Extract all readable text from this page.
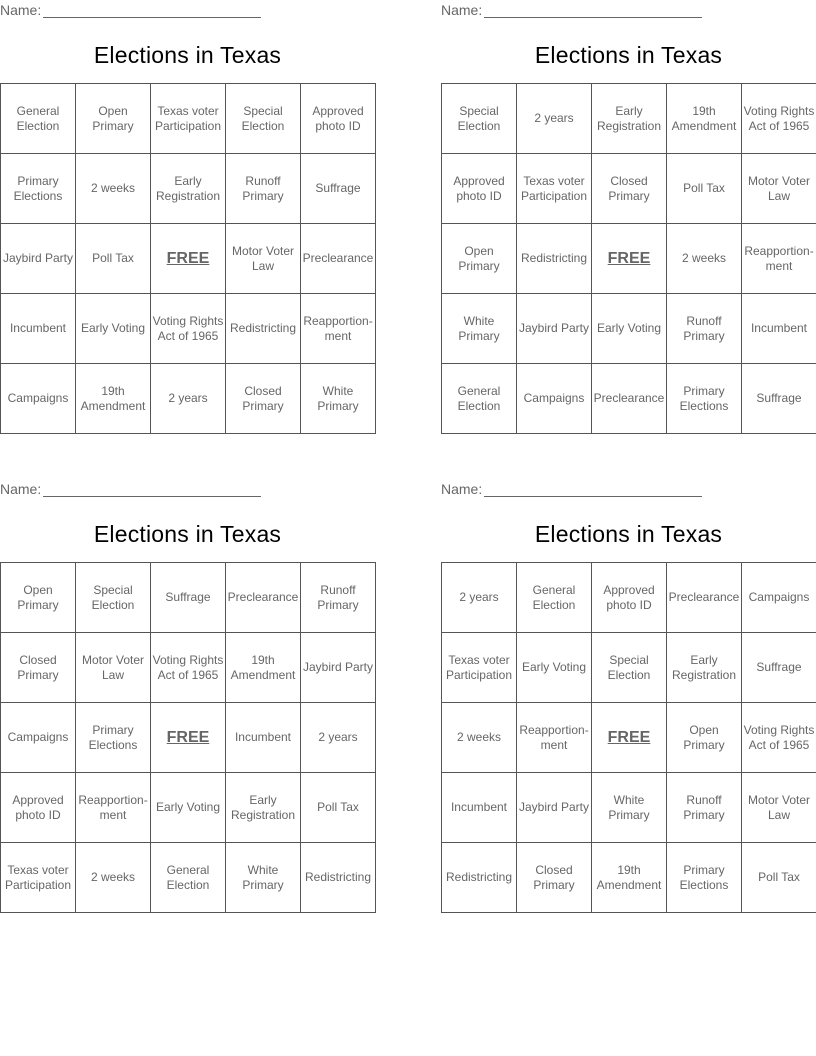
Name:
Elections in Texas
General Election	Open Primary	Texas voter Participation	Special Election	Approved photo ID
Primary Elections	2 weeks	Early Registration	Runoff Primary	Suffrage
Jaybird Party	Poll Tax	FREE	Motor Voter Law	Preclearance
Incumbent	Early Voting	Voting Rights Act of 1965	Redistricting	Reapportion-ment
Campaigns	19th Amendment	2 years	Closed Primary	White Primary
Name:
Elections in Texas
Special Election	2 years	Early Registration	19th Amendment	Voting Rights Act of 1965
Approved photo ID	Texas voter Participation	Closed Primary	Poll Tax	Motor Voter Law
Open Primary	Redistricting	FREE	2 weeks	Reapportion-ment
White Primary	Jaybird Party	Early Voting	Runoff Primary	Incumbent
General Election	Campaigns	Preclearance	Primary Elections	Suffrage
Name:
Elections in Texas
Open Primary	Special Election	Suffrage	Preclearance	Runoff Primary
Closed Primary	Motor Voter Law	Voting Rights Act of 1965	19th Amendment	Jaybird Party
Campaigns	Primary Elections	FREE	Incumbent	2 years
Approved photo ID	Reapportion-ment	Early Voting	Early Registration	Poll Tax
Texas voter Participation	2 weeks	General Election	White Primary	Redistricting
Name:
Elections in Texas
2 years	General Election	Approved photo ID	Preclearance	Campaigns
Texas voter Participation	Early Voting	Special Election	Early Registration	Suffrage
2 weeks	Reapportion-ment	FREE	Open Primary	Voting Rights Act of 1965
Incumbent	Jaybird Party	White Primary	Runoff Primary	Motor Voter Law
Redistricting	Closed Primary	19th Amendment	Primary Elections	Poll Tax
